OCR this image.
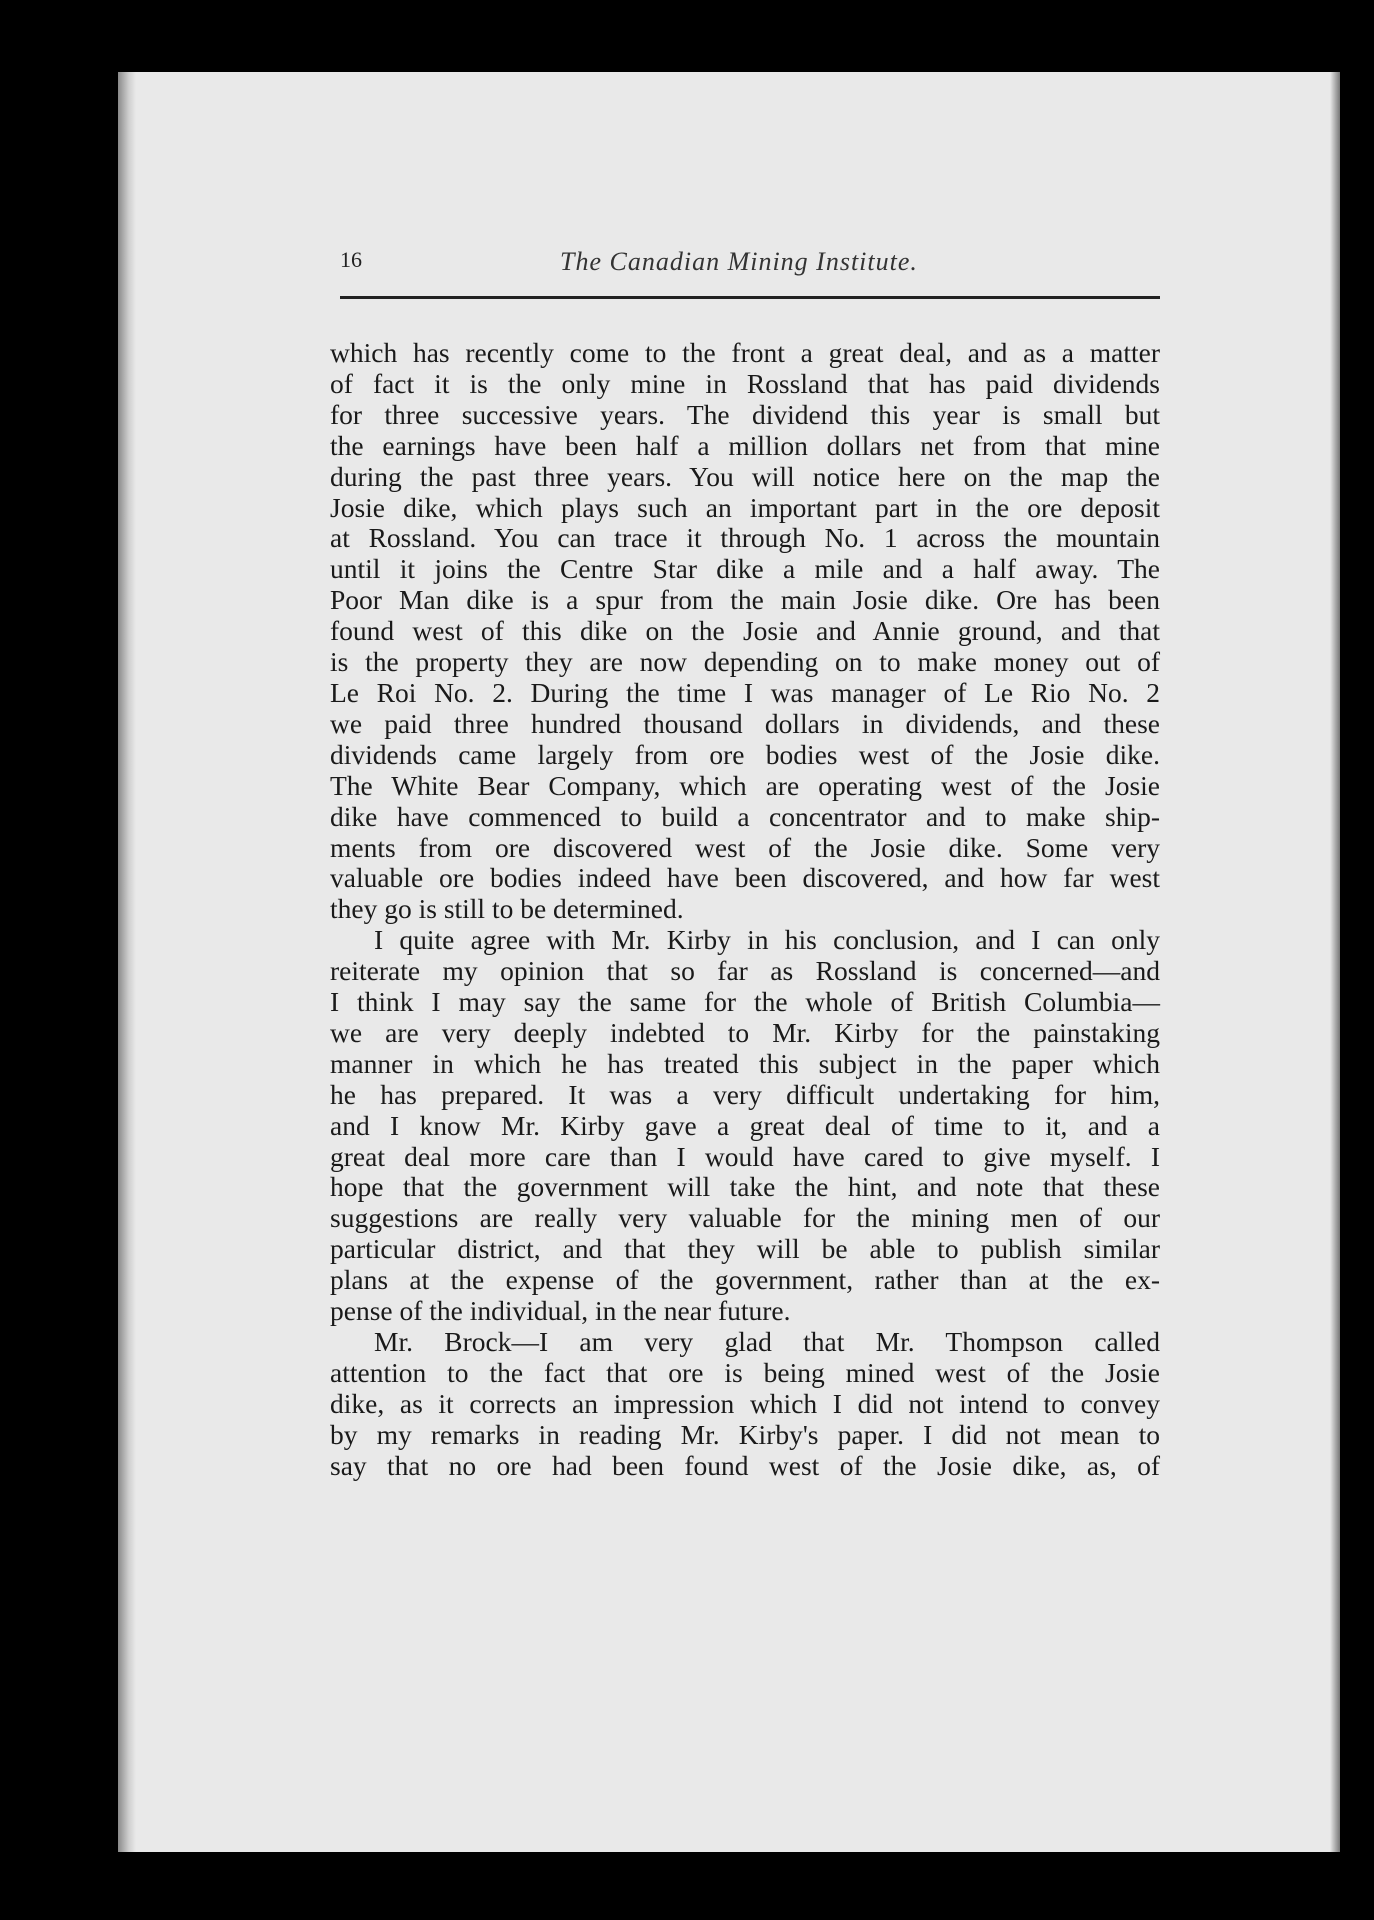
16	The Canadian Mining Institute.

which has recently come to the front a great deal, and as a matter
of fact it is the only mine in Rossland that has paid dividends
for three successive years. The dividend this year is small but
the earnings have been half a million dollars net from that mine
during the past three years. You will notice here on the map the
Josie dike, which plays such an important part in the ore deposit
at Rossland. You can trace it through No. 1 across the mountain
until it joins the Centre Star dike a mile and a half away. The
Poor Man dike is a spur from the main Josie dike. Ore has been
found west of this dike on the Josie and Annie ground, and that
is the property they are now depending on to make money out of
Le Roi No. 2. During the time I was manager of Le Rio No. 2
we paid three hundred thousand dollars in dividends, and these
dividends came largely from ore bodies west of the Josie dike.
The White Bear Company, which are operating west of the Josie
dike have commenced to build a concentrator and to make ship-
ments from ore discovered west of the Josie dike. Some very
valuable ore bodies indeed have been discovered, and how far west
they go is still to be determined.

I quite agree with Mr. Kirby in his conclusion, and I can only
reiterate my opinion that so far as Rossland is concerned—and
I think I may say the same for the whole of British Columbia—
we are very deeply indebted to Mr. Kirby for the painstaking
manner in which he has treated this subject in the paper which
he has prepared. It was a very difficult undertaking for him,
and I know Mr. Kirby gave a great deal of time to it, and a
great deal more care than I would have cared to give myself. I
hope that the government will take the hint, and note that these
suggestions are really very valuable for the mining men of our
particular district, and that they will be able to publish similar
plans at the expense of the government, rather than at the ex-
pense of the individual, in the near future.

Mr. Brock—I am very glad that Mr. Thompson called
attention to the fact that ore is being mined west of the Josie
dike, as it corrects an impression which I did not intend to convey
by my remarks in reading Mr. Kirby's paper. I did not mean to
say that no ore had been found west of the Josie dike, as, of
